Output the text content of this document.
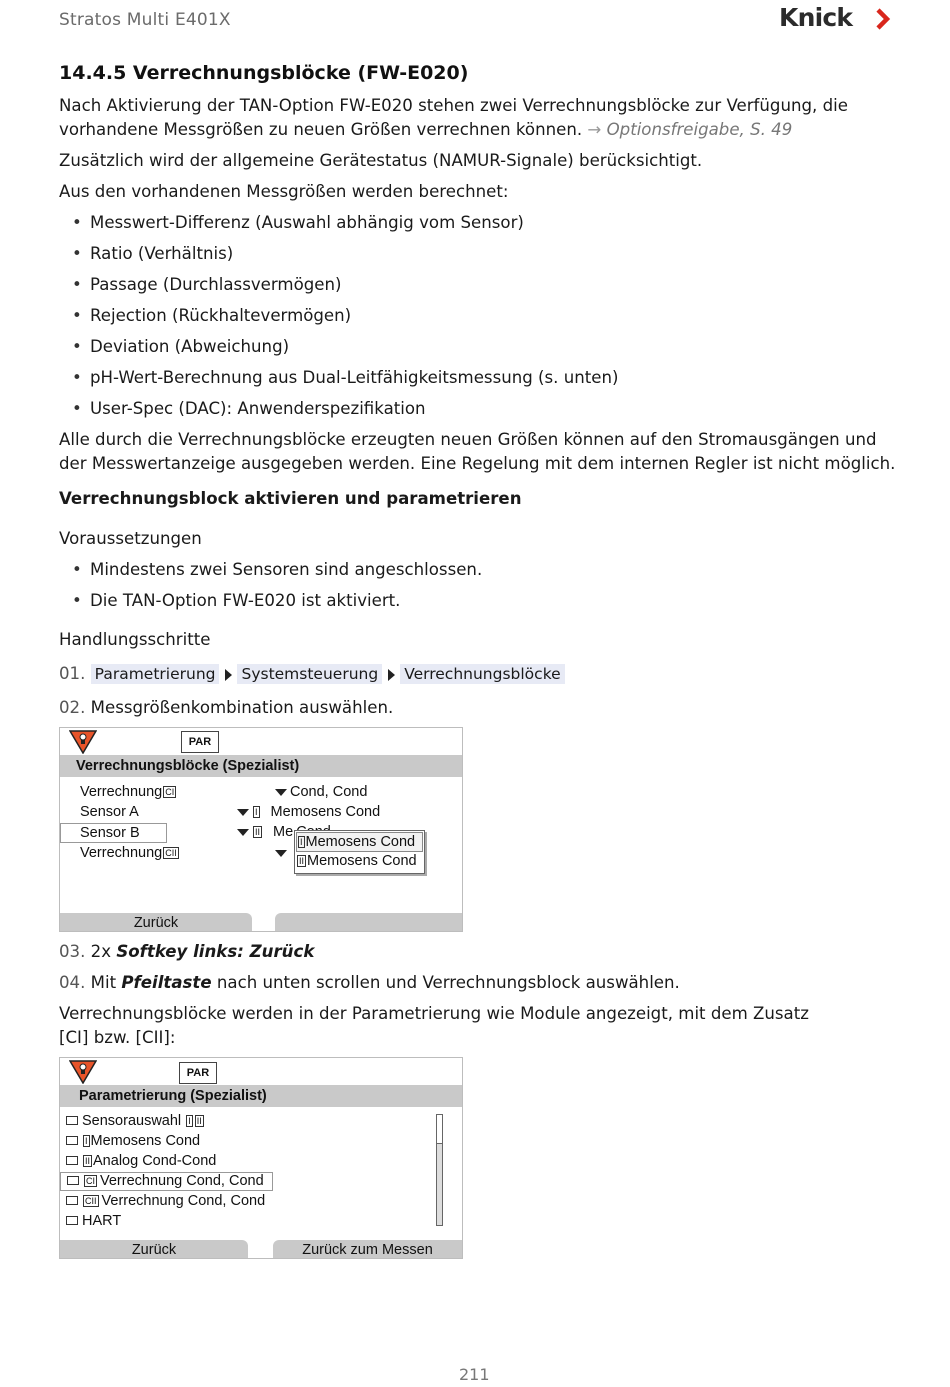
Stratos Multi E401X	Knick
14.4.5 Verrechnungsblöcke (FW-E020)
Nach Aktivierung der TAN-Option FW-E020 stehen zwei Verrechnungsblöcke zur Verfügung, die
vorhandene Messgrößen zu neuen Größen verrechnen können. → Optionsfreigabe, S. 49
Zusätzlich wird der allgemeine Gerätestatus (NAMUR-Signale) berücksichtigt.
Aus den vorhandenen Messgrößen werden berechnet:
• Messwert-Differenz (Auswahl abhängig vom Sensor)
• Ratio (Verhältnis)
• Passage (Durchlassvermögen)
• Rejection (Rückhaltevermögen)
• Deviation (Abweichung)
• pH-Wert-Berechnung aus Dual-Leitfähigkeitsmessung (s. unten)
• User-Spec (DAC): Anwenderspezifikation
Alle durch die Verrechnungsblöcke erzeugten neuen Größen können auf den Stromausgängen und
der Messwertanzeige ausgegeben werden. Eine Regelung mit dem internen Regler ist nicht möglich.
Verrechnungsblock aktivieren und parametrieren
Voraussetzungen
• Mindestens zwei Sensoren sind angeschlossen.
• Die TAN-Option FW-E020 ist aktiviert.
Handlungsschritte
01. Parametrierung Systemsteuerung Verrechnungsblöcke
02. Messgrößenkombination auswählen.
PAR
Verrechnungsblöcke (Spezialist)
Verrechnung CI	Cond, Cond
Sensor A	I Memosens Cond
Sensor B	II Me
Verrechnung CII
I Memosens Cond
II Memosens Cond
Zurück
03. 2x Softkey links: Zurück
04. Mit Pfeiltaste nach unten scrollen und Verrechnungsblock auswählen.
Verrechnungsblöcke werden in der Parametrierung wie Module angezeigt, mit dem Zusatz
[CI] bzw. [CII]:
PAR
Parametrierung (Spezialist)
Sensorauswahl I II
I Memosens Cond
II Analog Cond-Cond
CI Verrechnung Cond, Cond
CII Verrechnung Cond, Cond
HART
Zurück	Zurück zum Messen
211
